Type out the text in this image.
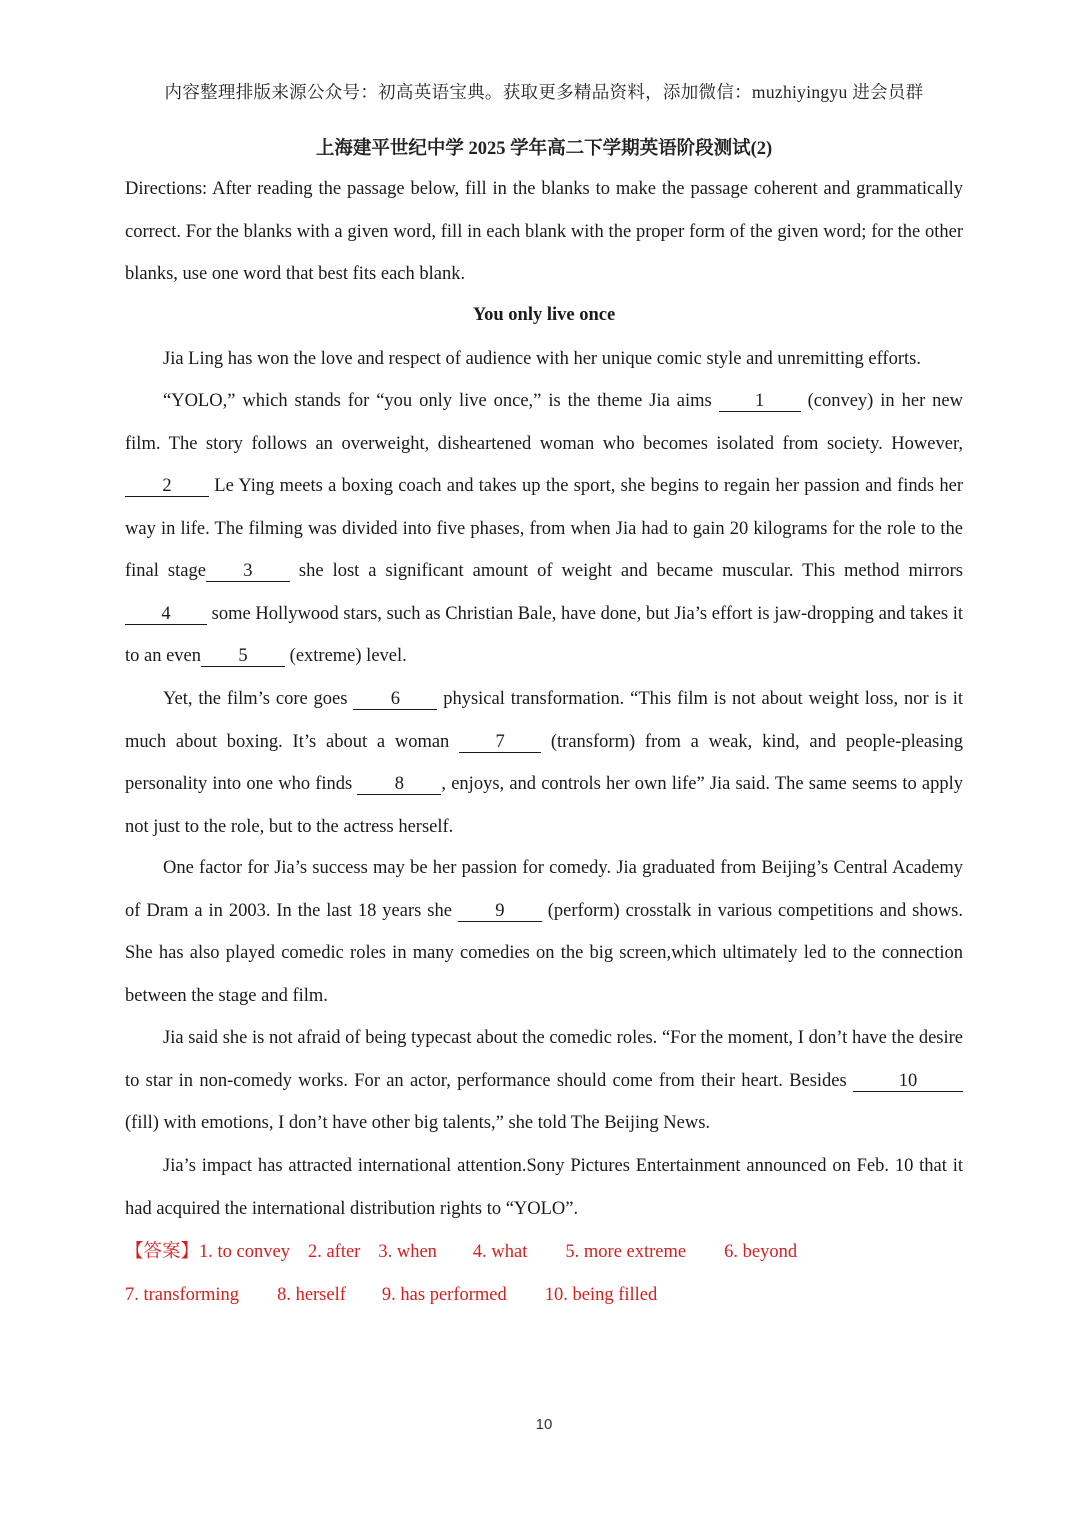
内容整理排版来源公众号：初高英语宝典。获取更多精品资料，添加微信：muzhiyingyu 进会员群
上海建平世纪中学 2025 学年高二下学期英语阶段测试(2)
Directions: After reading the passage below, fill in the blanks to make the passage coherent and grammatically correct. For the blanks with a given word, fill in each blank with the proper form of the given word; for the other blanks, use one word that best fits each blank.
You only live once
Jia Ling has won the love and respect of audience with her unique comic style and unremitting efforts.
“YOLO,” which stands for “you only live once,” is the theme Jia aims 1 (convey) in her new film. The story follows an overweight, disheartened woman who becomes isolated from society. However, 2 Le Ying meets a boxing coach and takes up the sport, she begins to regain her passion and finds her way in life. The filming was divided into five phases, from when Jia had to gain 20 kilograms for the role to the final stage 3 she lost a significant amount of weight and became muscular. This method mirrors 4 some Hollywood stars, such as Christian Bale, have done, but Jia’s effort is jaw-dropping and takes it to an even 5 (extreme) level.
Yet, the film’s core goes 6 physical transformation. “This film is not about weight loss, nor is it much about boxing. It’s about a woman 7 (transform) from a weak, kind, and people-pleasing personality into one who finds 8 , enjoys, and controls her own life” Jia said. The same seems to apply not just to the role, but to the actress herself.
One factor for Jia’s success may be her passion for comedy. Jia graduated from Beijing’s Central Academy of Dram a in 2003. In the last 18 years she 9 (perform) crosstalk in various competitions and shows. She has also played comedic roles in many comedies on the big screen,which ultimately led to the connection between the stage and film.
Jia said she is not afraid of being typecast about the comedic roles. “For the moment, I don’t have the desire to star in non-comedy works. For an actor, performance should come from their heart. Besides 10 (fill) with emotions, I don’t have other big talents,” she told The Beijing News.
Jia’s impact has attracted international attention.Sony Pictures Entertainment announced on Feb. 10 that it had acquired the international distribution rights to “YOLO”.
【答案】1. to convey 2. after 3. when 4. what 5. more extreme 6. beyond
7. transforming 8. herself 9. has performed 10. being filled
10
